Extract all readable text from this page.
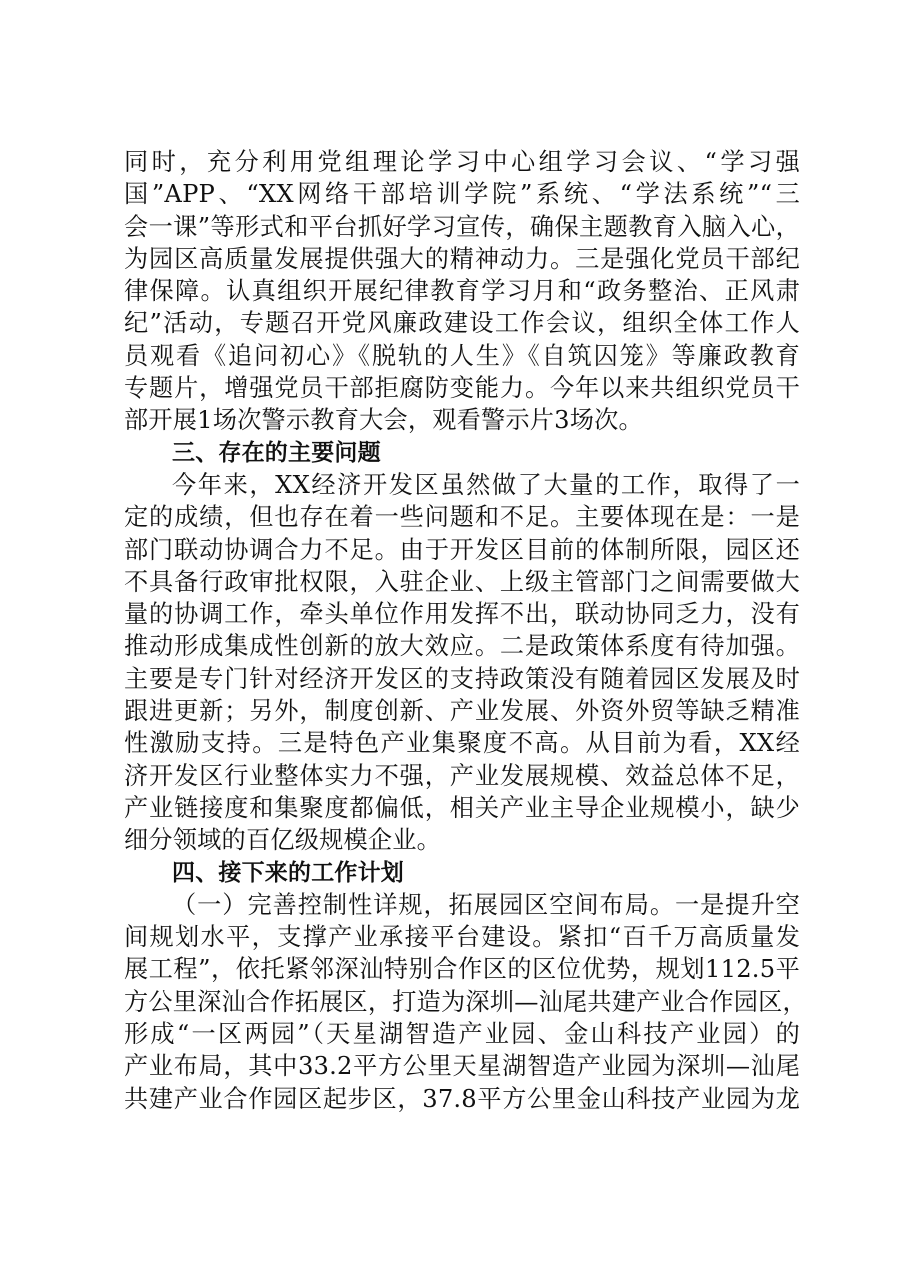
同时，充分利用党组理论学习中心组学习会议、“学习强
国”APP、“XX网络干部培训学院”系统、“学法系统”“三
会一课”等形式和平台抓好学习宣传，确保主题教育入脑入心，
为园区高质量发展提供强大的精神动力。三是强化党员干部纪
律保障。认真组织开展纪律教育学习月和“政务整治、正风肃
纪”活动，专题召开党风廉政建设工作会议，组织全体工作人
员观看《追问初心》《脱轨的人生》《自筑囚笼》等廉政教育
专题片，增强党员干部拒腐防变能力。今年以来共组织党员干
部开展1场次警示教育大会，观看警示片3场次。
三、存在的主要问题
今年来，XX经济开发区虽然做了大量的工作，取得了一
定的成绩，但也存在着一些问题和不足。主要体现在是：一是
部门联动协调合力不足。由于开发区目前的体制所限，园区还
不具备行政审批权限，入驻企业、上级主管部门之间需要做大
量的协调工作，牵头单位作用发挥不出，联动协同乏力，没有
推动形成集成性创新的放大效应。二是政策体系度有待加强。
主要是专门针对经济开发区的支持政策没有随着园区发展及时
跟进更新；另外，制度创新、产业发展、外资外贸等缺乏精准
性激励支持。三是特色产业集聚度不高。从目前为看，XX经
济开发区行业整体实力不强，产业发展规模、效益总体不足，
产业链接度和集聚度都偏低，相关产业主导企业规模小，缺少
细分领域的百亿级规模企业。
四、接下来的工作计划
（一）完善控制性详规，拓展园区空间布局。一是提升空
间规划水平，支撑产业承接平台建设。紧扣“百千万高质量发
展工程”，依托紧邻深汕特别合作区的区位优势，规划112.5平
方公里深汕合作拓展区，打造为深圳—汕尾共建产业合作园区，
形成“一区两园”（天星湖智造产业园、金山科技产业园）的
产业布局，其中33.2平方公里天星湖智造产业园为深圳—汕尾
共建产业合作园区起步区，37.8平方公里金山科技产业园为龙
